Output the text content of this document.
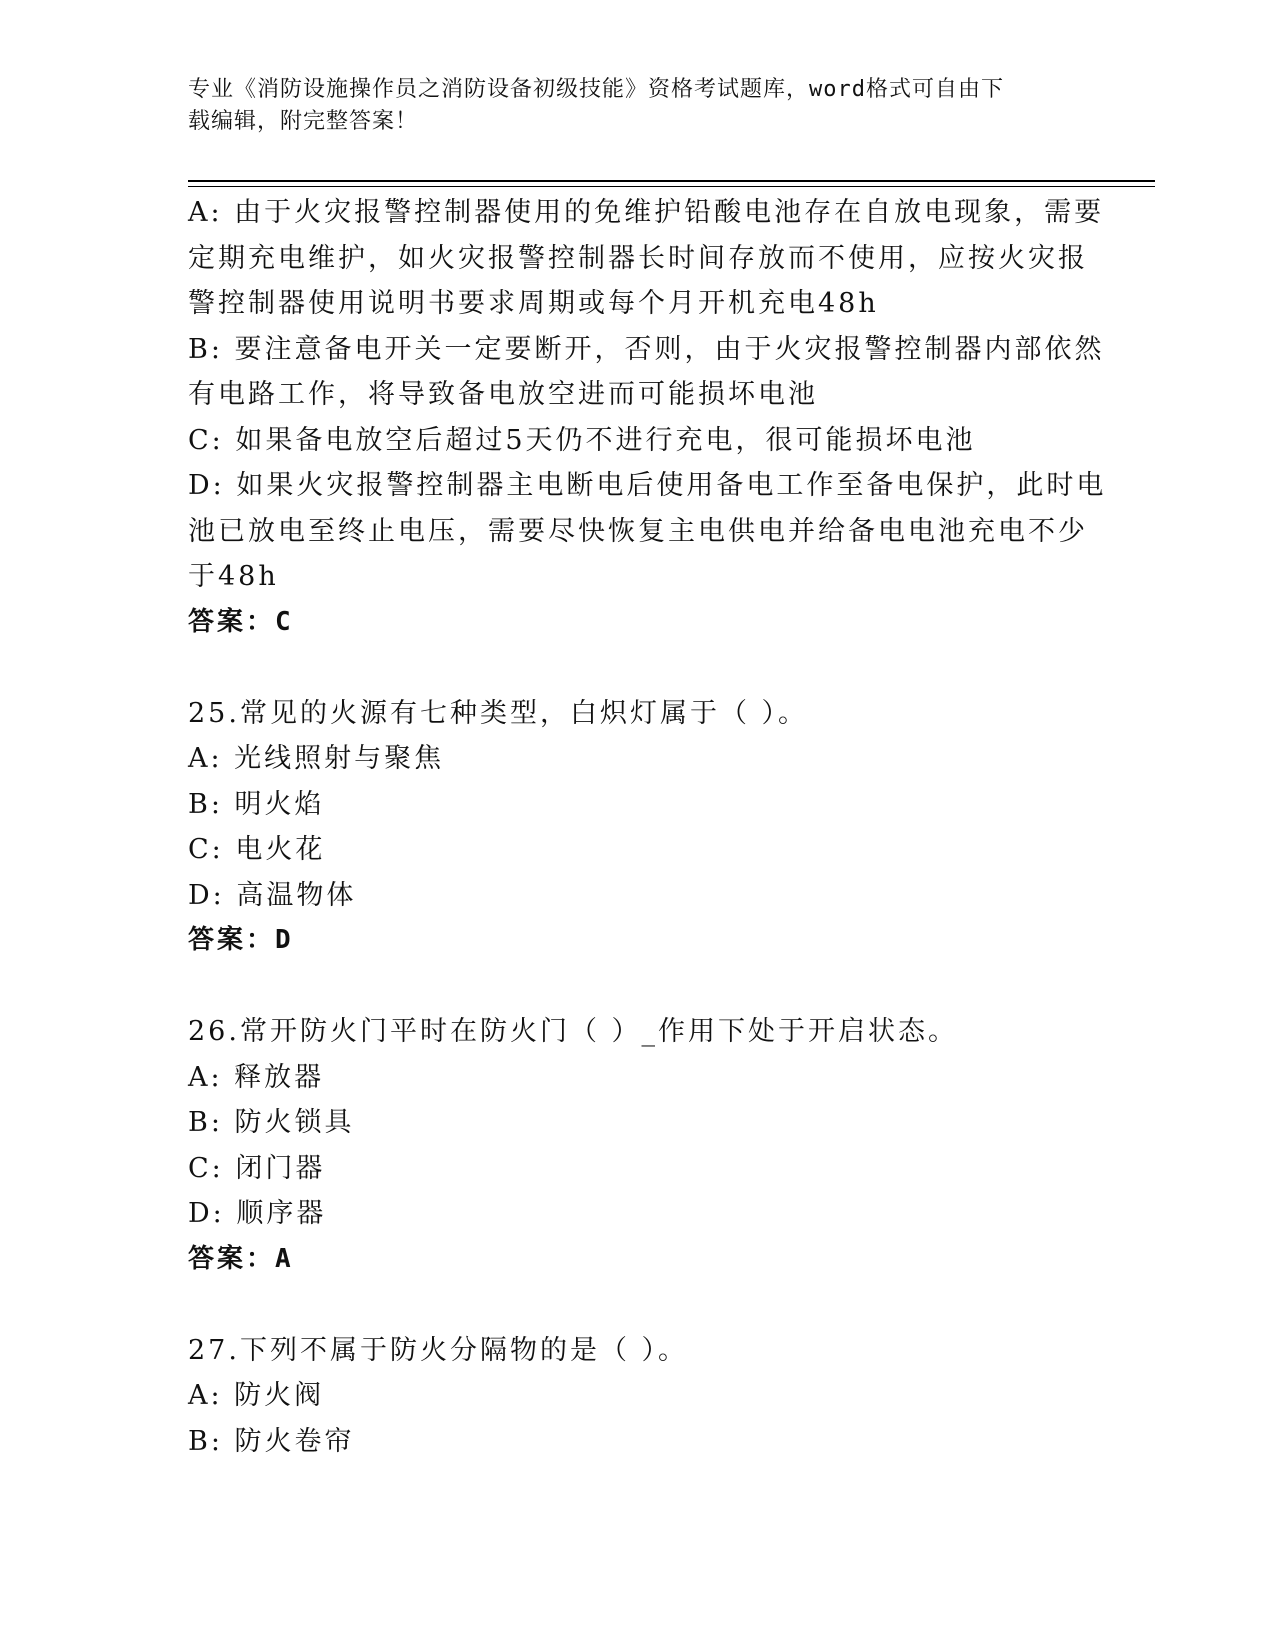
专业《消防设施操作员之消防设备初级技能》资格考试题库，word格式可自由下
载编辑，附完整答案！
A: 由于火灾报警控制器使用的免维护铅酸电池存在自放电现象，需要
定期充电维护，如火灾报警控制器长时间存放而不使用，应按火灾报
警控制器使用说明书要求周期或每个月开机充电48h
B: 要注意备电开关一定要断开，否则，由于火灾报警控制器内部依然
有电路工作，将导致备电放空进而可能损坏电池
C: 如果备电放空后超过5天仍不进行充电，很可能损坏电池
D: 如果火灾报警控制器主电断电后使用备电工作至备电保护，此时电
池已放电至终止电压，需要尽快恢复主电供电并给备电电池充电不少
于48h
答案：C
25.常见的火源有七种类型，白炽灯属于（ ）。
A: 光线照射与聚焦
B: 明火焰
C: 电火花
D: 高温物体
答案：D
26.常开防火门平时在防火门（ ）_作用下处于开启状态。
A: 释放器
B: 防火锁具
C: 闭门器
D: 顺序器
答案：A
27.下列不属于防火分隔物的是（ ）。
A: 防火阀
B: 防火卷帘
